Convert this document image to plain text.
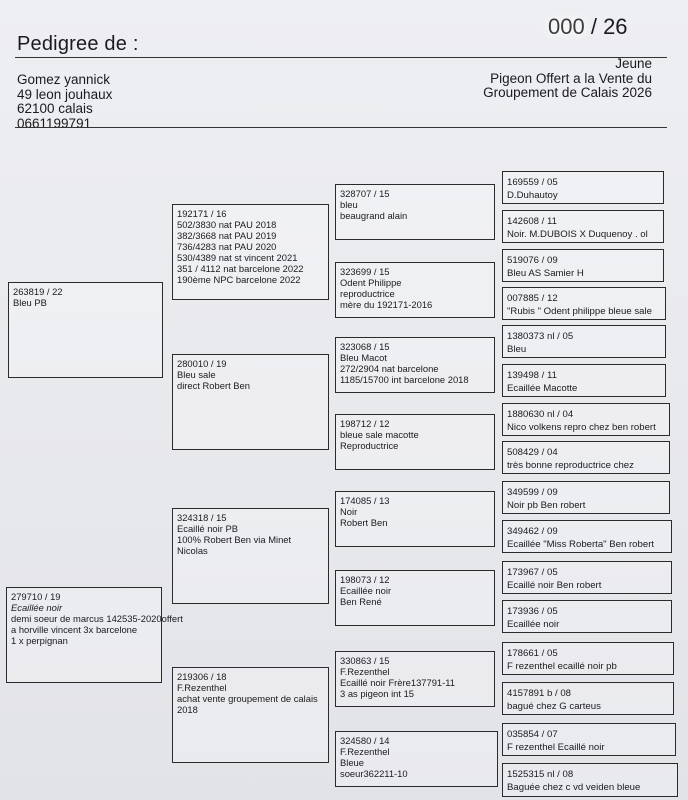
Pedigree de :
000 / 26
Gomez yannick
49 leon jouhaux
62100 calais
0661199791
Jeune
Pigeon Offert a la Vente du
Groupement de Calais 2026
263819 / 22
Bleu PB
279710 / 19
Ecaillée noir
demi soeur de marcus 142535-2020offert
a horville vincent 3x barcelone
1 x perpignan
192171 / 16
502/3830 nat PAU 2018
382/3668 nat PAU 2019
736/4283 nat PAU 2020
530/4389 nat st vincent 2021
351 / 4112 nat barcelone 2022
190ème NPC barcelone 2022
280010 / 19
Bleu sale
direct Robert Ben
324318 / 15
Ecaillé noir PB
100% Robert Ben via Minet
Nicolas
219306 / 18
F.Rezenthel
achat vente groupement de calais
2018
328707 / 15
bleu
beaugrand alain
323699 / 15
Odent Philippe
reproductrice
mère du 192171-2016
323068 / 15
Bleu Macot
272/2904 nat barcelone
1185/15700 int barcelone 2018
198712 / 12
bleue sale macotte
Reproductrice
174085 / 13
Noir
Robert Ben
198073 / 12
Ecaillée noir
Ben René
330863 / 15
F.Rezenthel
Ecaillé noir Frère137791-11
3 as pigeon int 15
324580 / 14
F.Rezenthel
Bleue
soeur362211-10
169559 / 05
D.Duhautoy
142608 / 11
Noir. M.DUBOIS X Duquenoy . ol
519076 / 09
Bleu AS Samier H
007885 / 12
"Rubis " Odent philippe bleue sale
1380373 nl / 05
Bleu
139498 / 11
Ecaillée Macotte
1880630 nl / 04
Nico volkens repro chez ben robert
508429 / 04
très bonne reproductrice chez
349599 / 09
Noir pb Ben robert
349462 / 09
Ecaillée "Miss Roberta" Ben robert
173967 / 05
Ecaillé noir Ben robert
173936 / 05
Ecaillée noir
178661 / 05
F rezenthel ecaillé noir pb
4157891 b / 08
bagué chez G carteus
035854 / 07
F rezenthel Ecaillé noir
1525315 nl / 08
Baguée chez c vd veiden bleue
